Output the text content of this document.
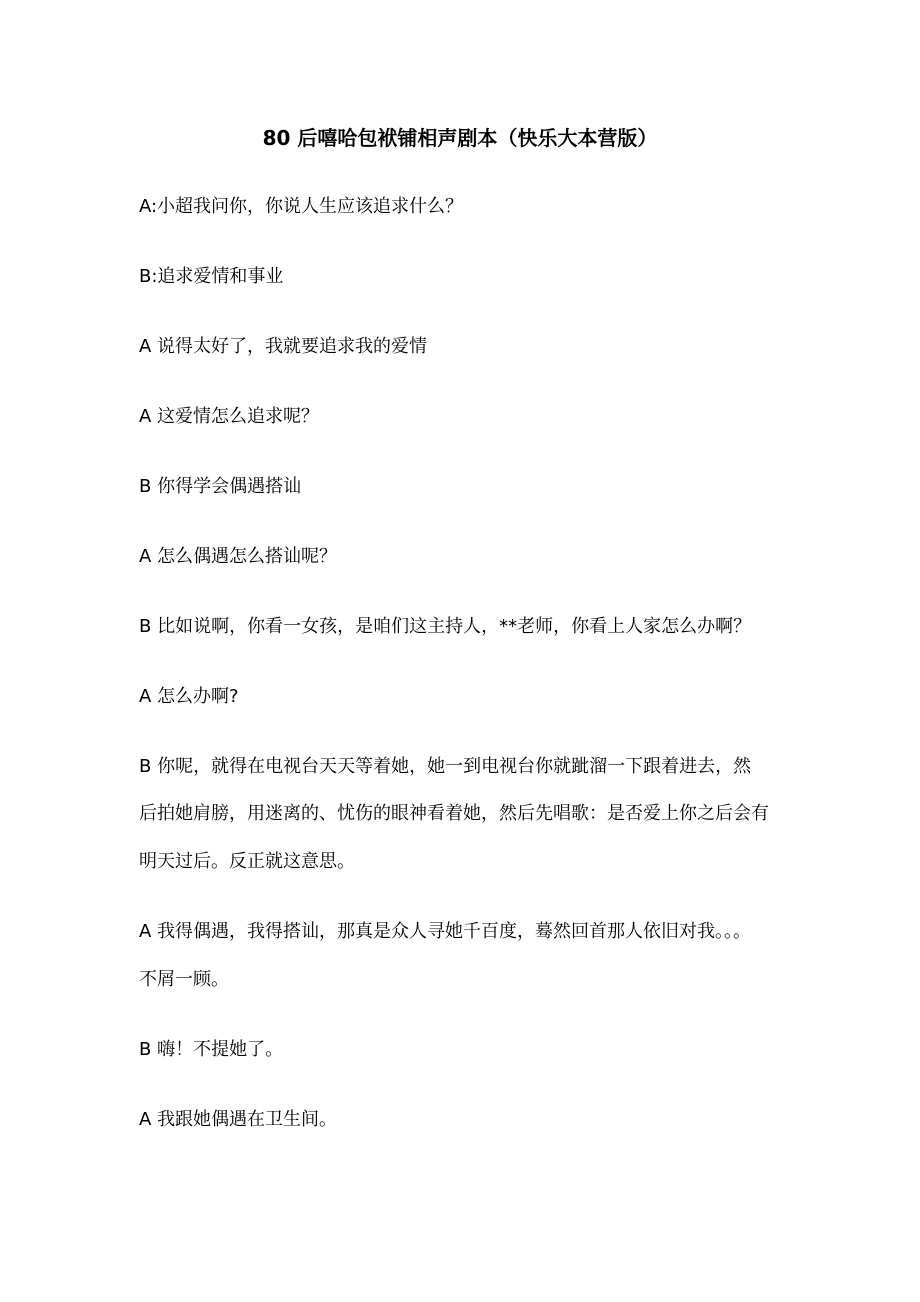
80 后嘻哈包袱铺相声剧本（快乐大本营版）
A:小超我问你，你说人生应该追求什么？
B:追求爱情和事业
A 说得太好了，我就要追求我的爱情
A 这爱情怎么追求呢？
B 你得学会偶遇搭讪
A 怎么偶遇怎么搭讪呢？
B 比如说啊，你看一女孩，是咱们这主持人，**老师，你看上人家怎么办啊？
A 怎么办啊?
B 你呢，就得在电视台天天等着她，她一到电视台你就跐溜一下跟着进去，然
后拍她肩膀，用迷离的、忧伤的眼神看着她，然后先唱歌：是否爱上你之后会有
明天过后。反正就这意思。
A 我得偶遇，我得搭讪，那真是众人寻她千百度，蓦然回首那人依旧对我。。。
不屑一顾。
B 嗨！不提她了。
A 我跟她偶遇在卫生间。
